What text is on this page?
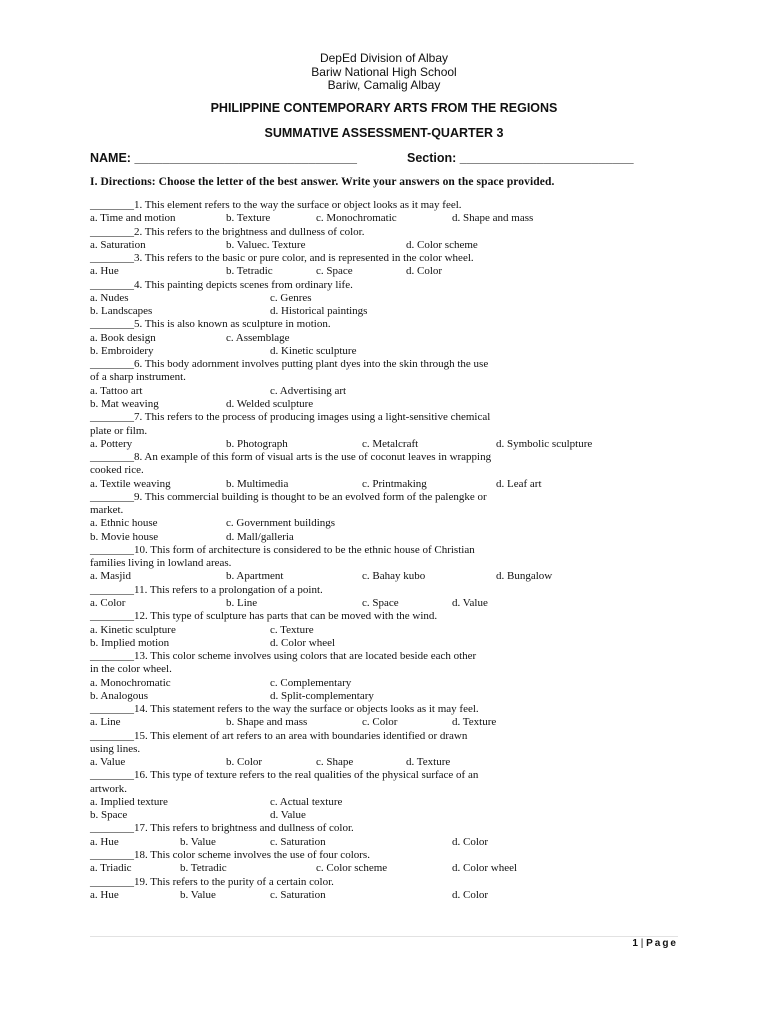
DepEd Division of Albay
Bariw National High School
Bariw, Camalig Albay
PHILIPPINE CONTEMPORARY ARTS FROM THE REGIONS
SUMMATIVE ASSESSMENT-QUARTER 3
NAME: ________________________________	Section: _________________________
I. Directions: Choose the letter of the best answer. Write your answers on the space provided.
________1. This element refers to the way the surface or object looks as it may feel.
a. Time and motion	b. Texture	c. Monochromatic	d. Shape and mass
________2. This refers to the brightness and dullness of color.
a. Saturation	b. Valuec. Texture	d. Color scheme
________3. This refers to the basic or pure color, and is represented in the color wheel.
a. Hue	b. Tetradic	c. Space	d. Color
________4. This painting depicts scenes from ordinary life.
a. Nudes	c. Genres
b. Landscapes	d. Historical paintings
________5. This is also known as sculpture in motion.
a. Book design	c. Assemblage
b. Embroidery	d. Kinetic sculpture
________6. This body adornment involves putting plant dyes into the skin through the use
of a sharp instrument.
a. Tattoo art	c. Advertising art
b. Mat weaving	d. Welded sculpture
________7. This refers to the process of producing images using a light-sensitive chemical
plate or film.
a. Pottery	b. Photograph	c. Metalcraft	d. Symbolic sculpture
________8. An example of this form of visual arts is the use of coconut leaves in wrapping
cooked rice.
a. Textile weaving	b. Multimedia	c. Printmaking	d. Leaf art
________9. This commercial building is thought to be an evolved form of the palengke or
market.
a. Ethnic house	c. Government buildings
b. Movie house	d. Mall/galleria
________10. This form of architecture is considered to be the ethnic house of Christian
families living in lowland areas.
a. Masjid	b. Apartment	c. Bahay kubo	d. Bungalow
________11. This refers to a prolongation of a point.
a. Color	b. Line	c. Space	d. Value
________12. This type of sculpture has parts that can be moved with the wind.
a. Kinetic sculpture	c. Texture
b. Implied motion	d. Color wheel
________13. This color scheme involves using colors that are located beside each other
in the color wheel.
a. Monochromatic	c. Complementary
b. Analogous	d. Split-complementary
________14. This statement refers to the way the surface or objects looks as it may feel.
a. Line	b. Shape and mass	c. Color	d. Texture
________15. This element of art refers to an area with boundaries identified or drawn
using lines.
a. Value	b. Color	c. Shape	d. Texture
________16. This type of texture refers to the real qualities of the physical surface of an
artwork.
a. Implied texture	c. Actual texture
b. Space	d. Value
________17. This refers to brightness and dullness of color.
a. Hue	b. Value	c. Saturation	d. Color
________18. This color scheme involves the use of four colors.
a. Triadic	b. Tetradic	c. Color scheme	d. Color wheel
________19. This refers to the purity of a certain color.
a. Hue	b. Value	c. Saturation	d. Color
1 | Page
